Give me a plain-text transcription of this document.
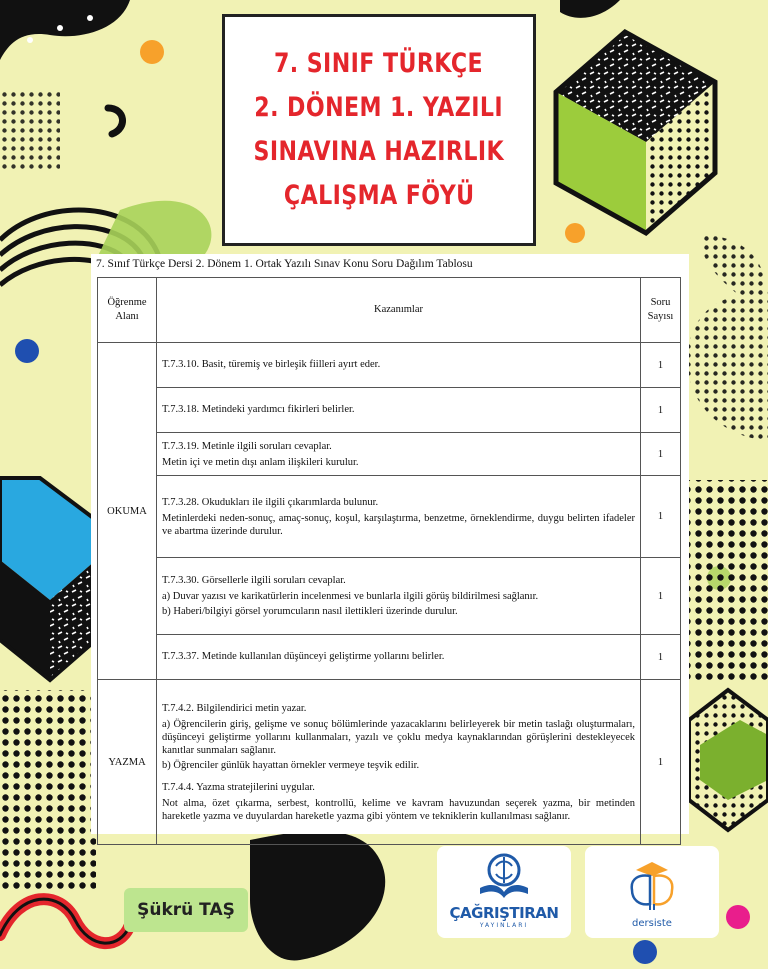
7. SINIF TÜRKÇE
2. DÖNEM 1. YAZILI
SINAVINA HAZIRLIK
ÇALIŞMA FÖYÜ
7. Sınıf Türkçe Dersi 2. Dönem 1. Ortak Yazılı Sınav Konu Soru Dağılım Tablosu
Öğrenme
Alanı	Kazanımlar	Soru
Sayısı
OKUMA	T.7.3.10. Basit, türemiş ve birleşik fiilleri ayırt eder.	1

	T.7.3.18. Metindeki yardımcı fikirleri belirler.	1

	T.7.3.19. Metinle ilgili soruları cevaplar.
Metin içi ve metin dışı anlam ilişkileri kurulur.	1

	T.7.3.28. Okudukları ile ilgili çıkarımlarda bulunur.
Metinlerdeki neden-sonuç, amaç-sonuç, koşul, karşılaştırma, benzetme, örneklendirme, duygu belirten ifadeler ve abartma üzerinde durulur.	1

	T.7.3.30. Görsellerle ilgili soruları cevaplar.
a) Duvar yazısı ve karikatürlerin incelenmesi ve bunlarla ilgili görüş bildirilmesi sağlanır.
b) Haberi/bilgiyi görsel yorumcuların nasıl ilettikleri üzerinde durulur.	1

	T.7.3.37. Metinde kullanılan düşünceyi geliştirme yollarını belirler.	1
YAZMA	T.7.4.2. Bilgilendirici metin yazar.
a) Öğrencilerin giriş, gelişme ve sonuç bölümlerinde yazacaklarını belirleyerek bir metin taslağı oluşturmaları, düşünceyi geliştirme yollarını kullanmaları, yazılı ve çoklu medya kaynaklarından görüşlerini destekleyecek kanıtlar sunmaları sağlanır.
b) Öğrenciler günlük hayattan örnekler vermeye teşvik edilir.
T.7.4.4. Yazma stratejilerini uygular.
Not alma, özet çıkarma, serbest, kontrollü, kelime ve kavram havuzundan seçerek yazma, bir metinden hareketle yazma ve duyulardan hareketle yazma gibi yöntem ve tekniklerin kullanılması sağlanır.	1
Şükrü TAŞ	ÇAĞRIŞTIRAN
YAYINLARI	dersiste
